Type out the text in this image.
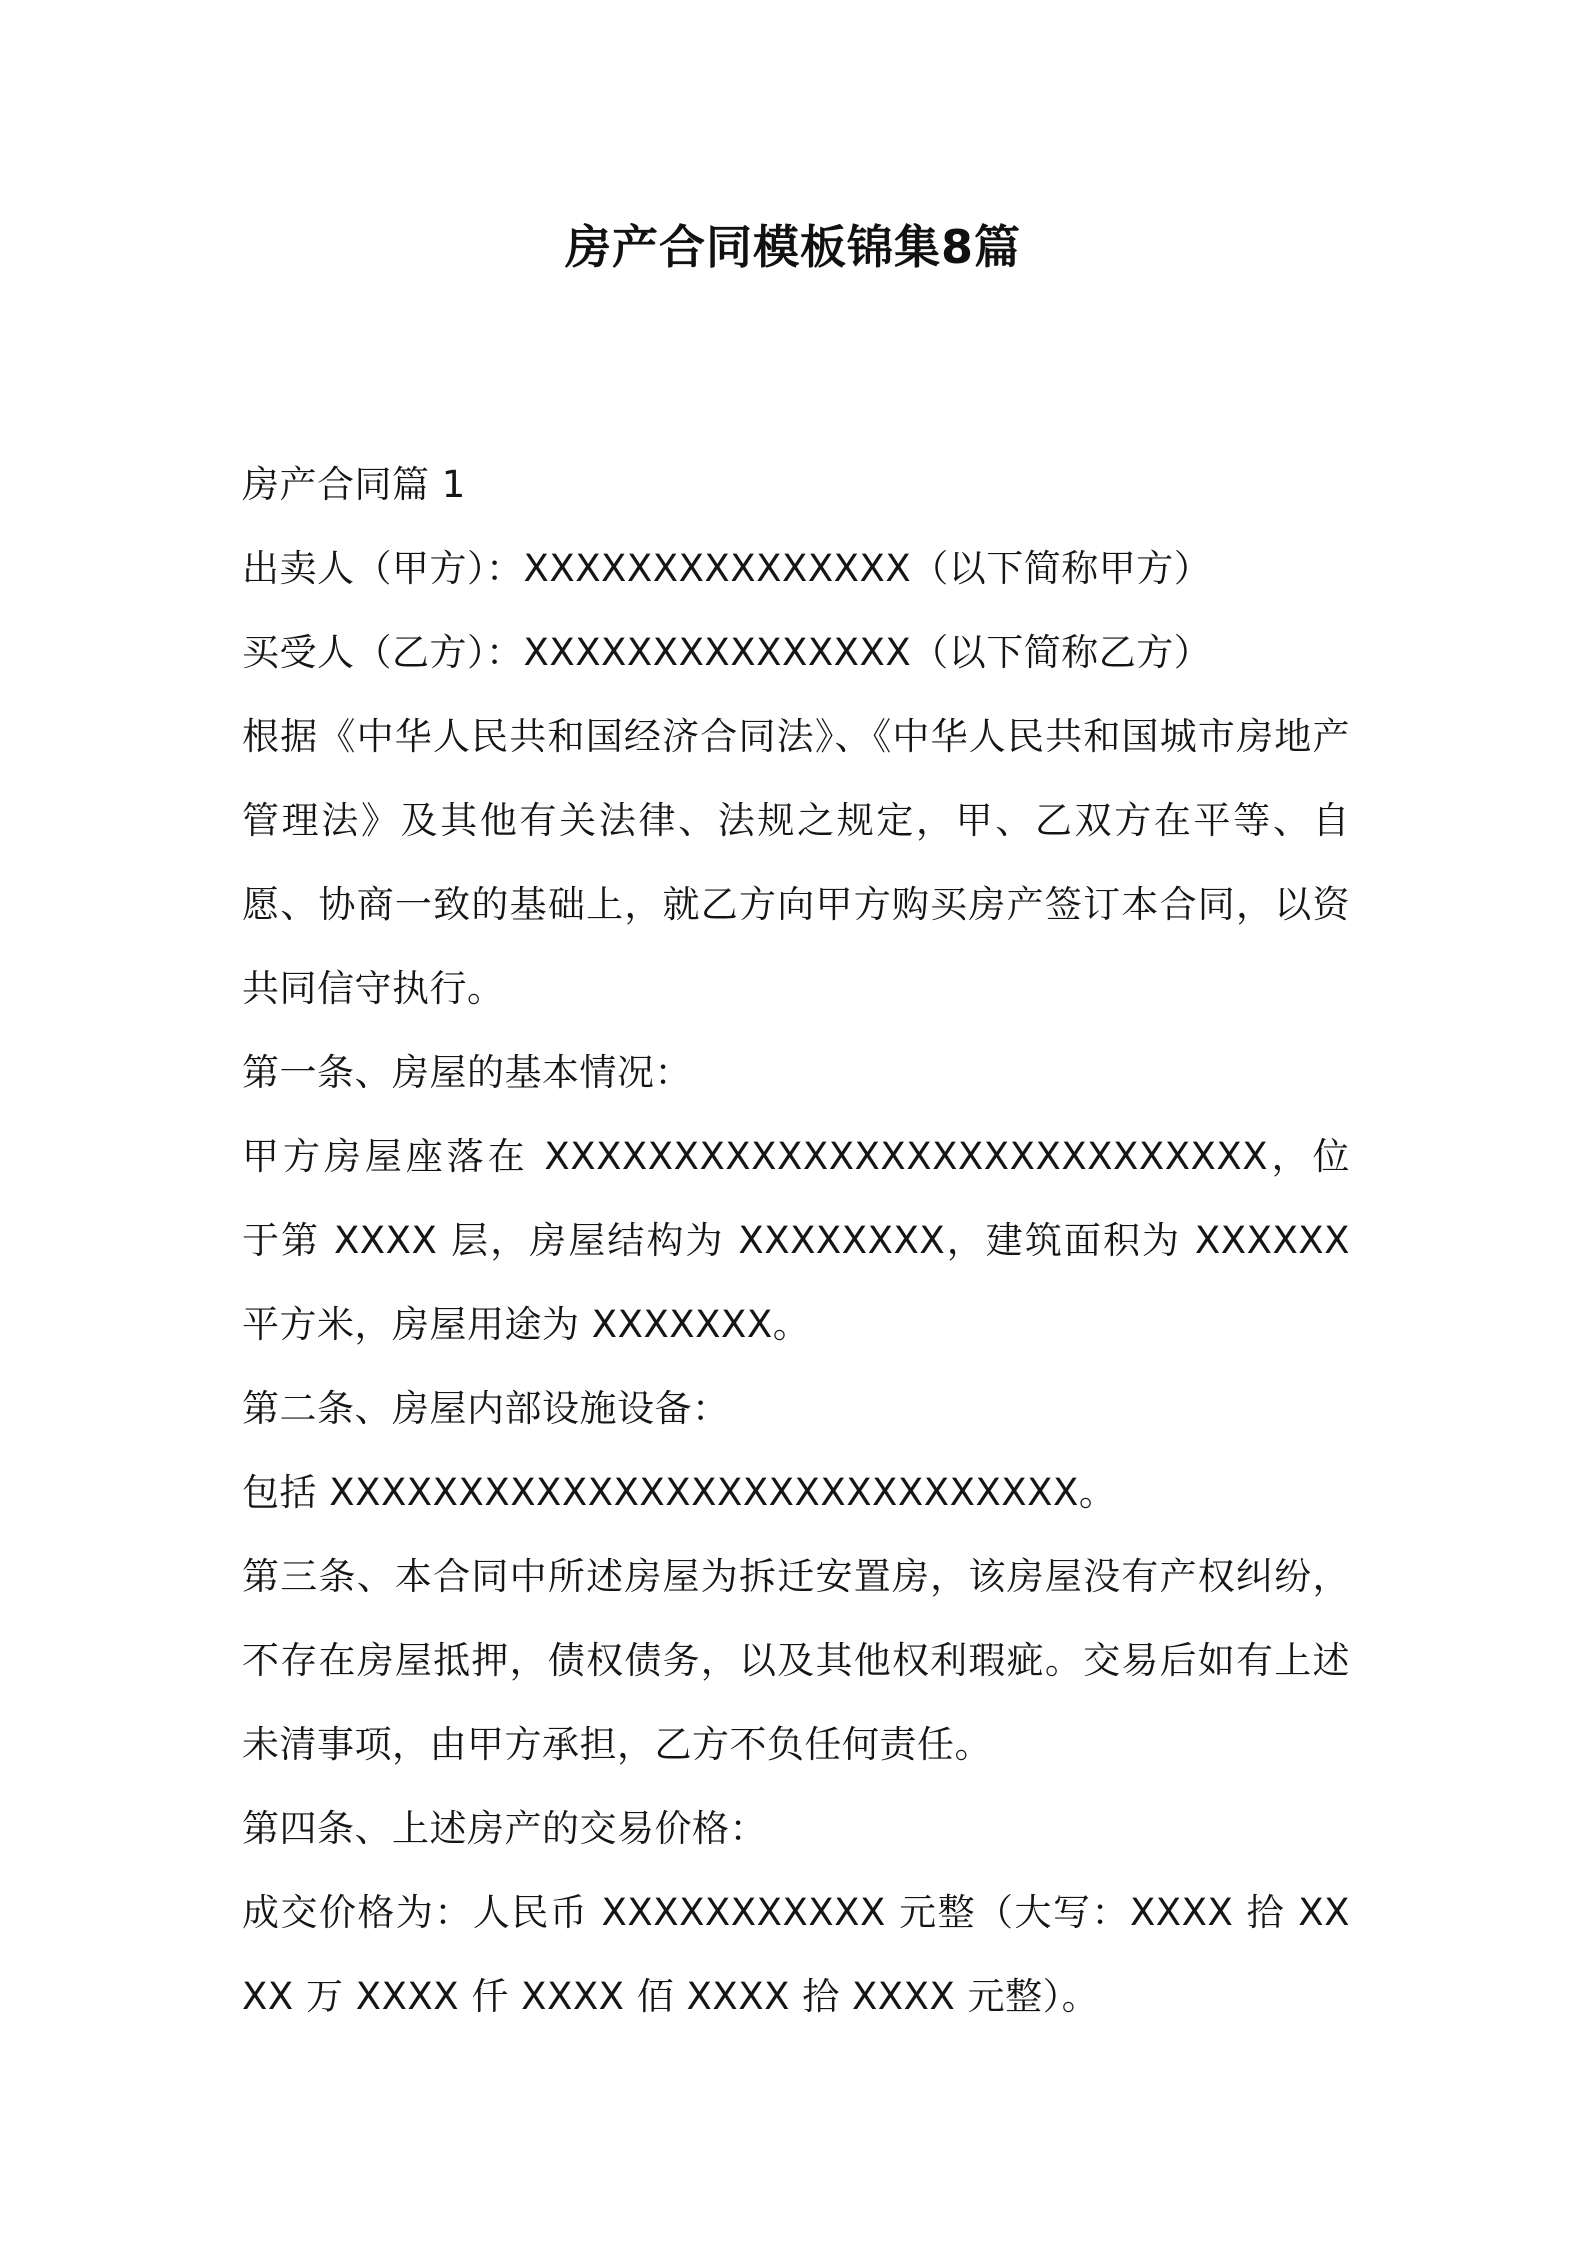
房产合同模板锦集8篇

房产合同篇 1

出卖人（甲方）：XXXXXXXXXXXXXXX（以下简称甲方）

买受人（乙方）：XXXXXXXXXXXXXXX（以下简称乙方）

根据《中华人民共和国经济合同法》、《中华人民共和国城市房地产管理法》及其他有关法律、法规之规定，甲、乙双方在平等、自愿、协商一致的基础上，就乙方向甲方购买房产签订本合同，以资共同信守执行。

第一条、房屋的基本情况：

甲方房屋座落在 XXXXXXXXXXXXXXXXXXXXXXXXXXXX，位于第 XXXX 层，房屋结构为 XXXXXXXX，建筑面积为 XXXXXX 平方米，房屋用途为 XXXXXXX。

第二条、房屋内部设施设备：

包括 XXXXXXXXXXXXXXXXXXXXXXXXXXXXX。

第三条、本合同中所述房屋为拆迁安置房，该房屋没有产权纠纷，不存在房屋抵押，债权债务，以及其他权利瑕疵。交易后如有上述未清事项，由甲方承担，乙方不负任何责任。

第四条、上述房产的交易价格：

成交价格为：人民币 XXXXXXXXXXX 元整（大写：XXXX 拾 XXXX 万 XXXX 仟 XXXX 佰 XXXX 拾 XXXX 元整）。
